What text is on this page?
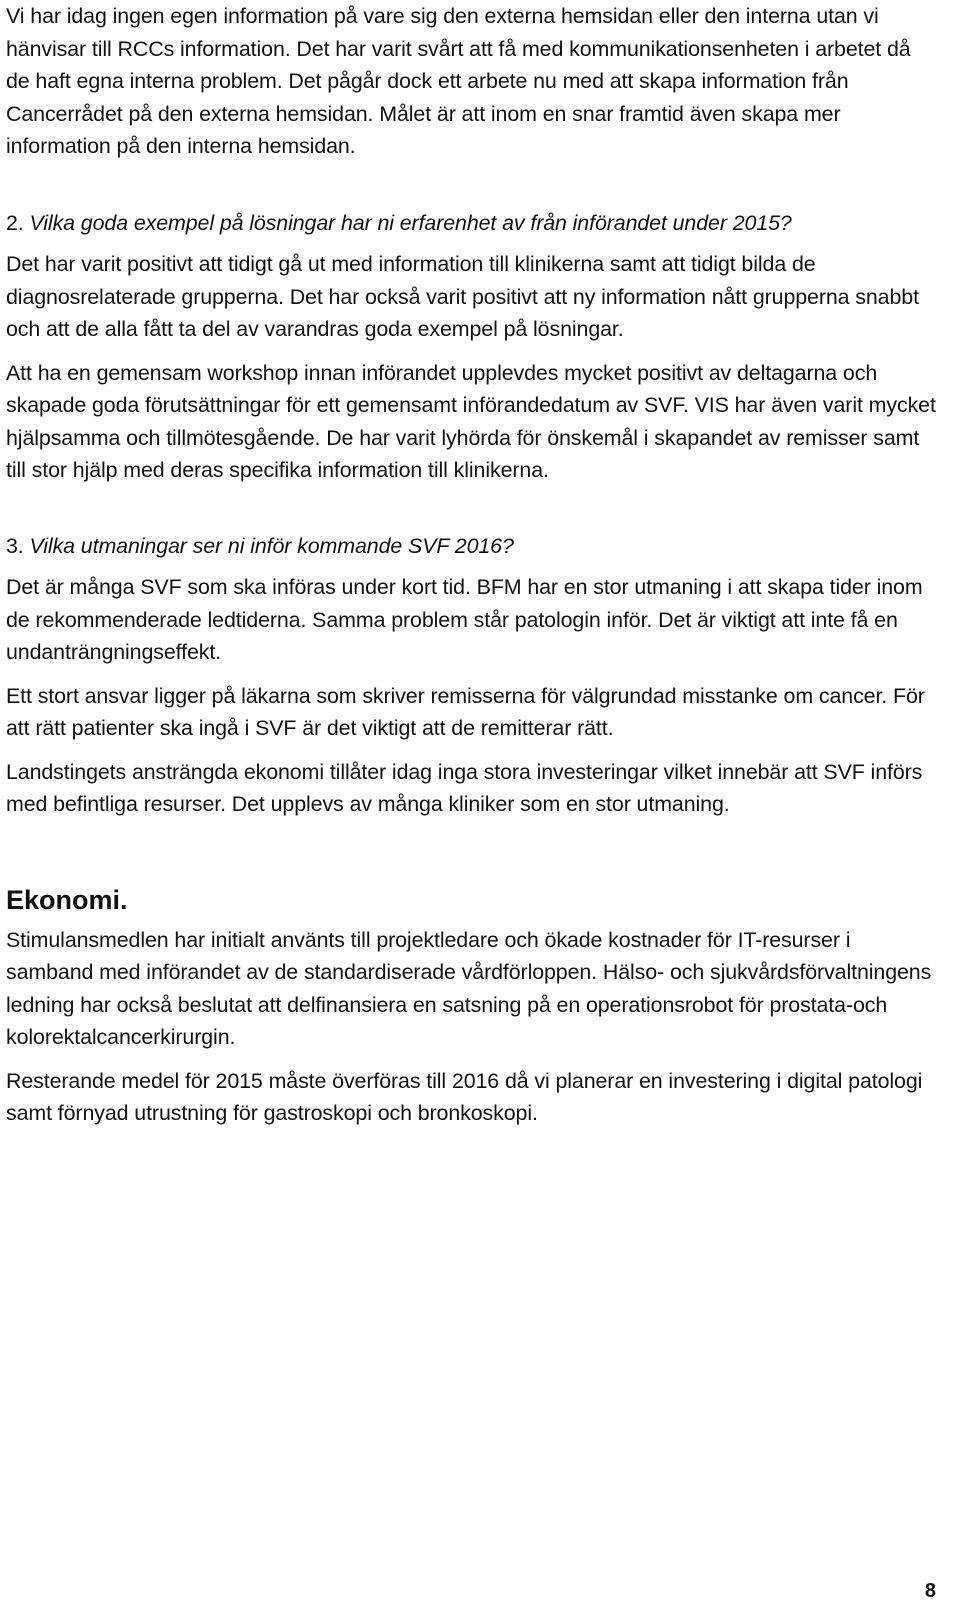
Vi har idag ingen egen information på vare sig den externa hemsidan eller den interna utan vi hänvisar till RCCs information. Det har varit svårt att få med kommunikationsenheten i arbetet då de haft egna interna problem. Det pågår dock ett arbete nu med att skapa information från Cancerrådet på den externa hemsidan. Målet är att inom en snar framtid även skapa mer information på den interna hemsidan.

2. Vilka goda exempel på lösningar har ni erfarenhet av från införandet under 2015?

Det har varit positivt att tidigt gå ut med information till klinikerna samt att tidigt bilda de diagnosrelaterade grupperna. Det har också varit positivt att ny information nått grupperna snabbt och att de alla fått ta del av varandras goda exempel på lösningar.

Att ha en gemensam workshop innan införandet upplevdes mycket positivt av deltagarna och skapade goda förutsättningar för ett gemensamt införandedatum av SVF. VIS har även varit mycket hjälpsamma och tillmötesgående. De har varit lyhörda för önskemål i skapandet av remisser samt till stor hjälp med deras specifika information till klinikerna.

3. Vilka utmaningar ser ni inför kommande SVF 2016?

Det är många SVF som ska införas under kort tid. BFM har en stor utmaning i att skapa tider inom de rekommenderade ledtiderna. Samma problem står patologin inför. Det är viktigt att inte få en undanträngningseffekt.

Ett stort ansvar ligger på läkarna som skriver remisserna för välgrundad misstanke om cancer. För att rätt patienter ska ingå i SVF är det viktigt att de remitterar rätt.

Landstingets ansträngda ekonomi tillåter idag inga stora investeringar vilket innebär att SVF införs med befintliga resurser. Det upplevs av många kliniker som en stor utmaning.

Ekonomi.

Stimulansmedlen har initialt använts till projektledare och ökade kostnader för IT-resurser i samband med införandet av de standardiserade vårdförloppen. Hälso- och sjukvårdsförvaltningens ledning har också beslutat att delfinansiera en satsning på en operationsrobot för prostata-och kolorektalcancerkirurgin.

Resterande medel för 2015 måste överföras till 2016 då vi planerar en investering i digital patologi samt förnyad utrustning för gastroskopi och bronkoskopi.

8
